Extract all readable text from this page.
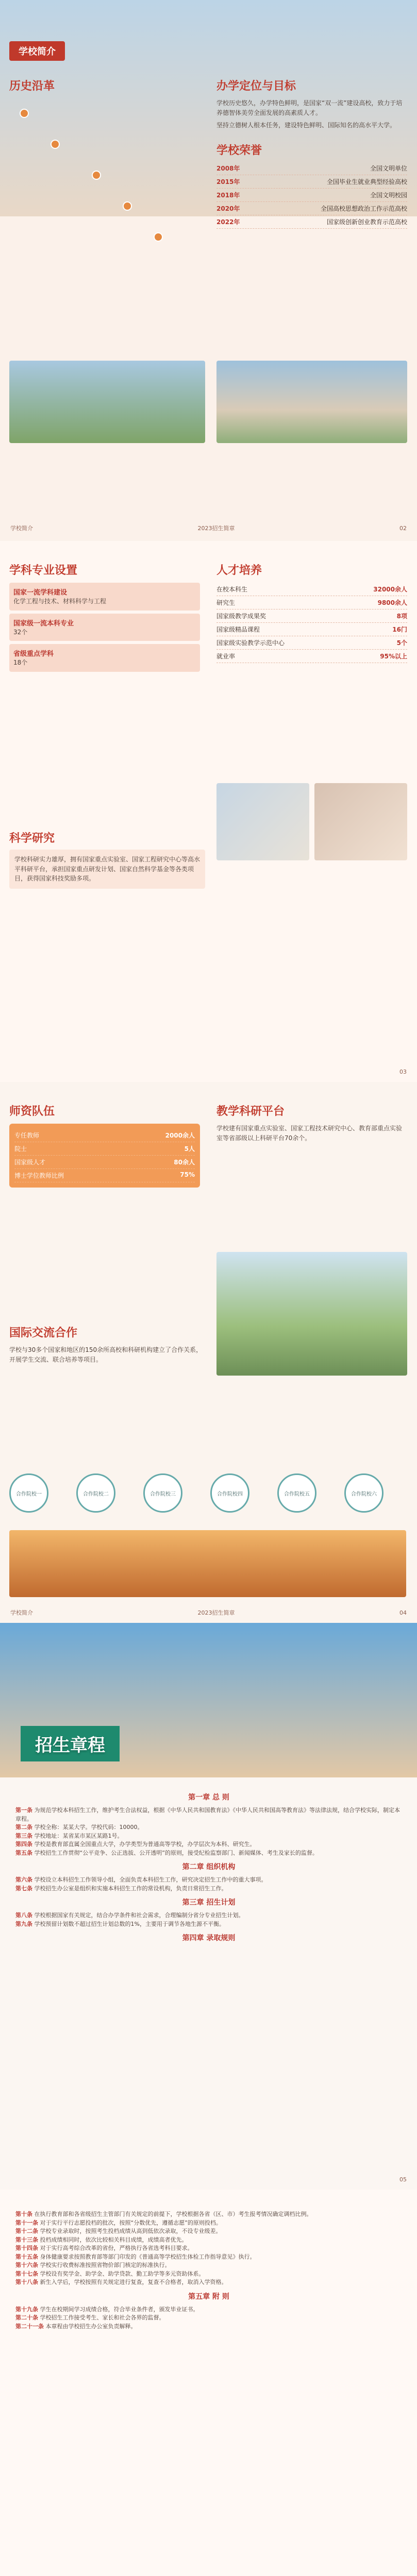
学校简介
历史沿革	办学定位与目标
学校历史悠久，办学特色鲜明，是国家“双一流”建设高校，致力于培养德智体美劳全面发展的高素质人才。
坚持立德树人根本任务，建设特色鲜明、国际知名的高水平大学。
学校荣誉
2008年	全国文明单位
2015年	全国毕业生就业典型经验高校
2018年	全国文明校园
2020年	全国高校思想政治工作示范高校
2022年	国家级创新创业教育示范高校
学校简介	2023招生简章	02
学科专业设置
国家一流学科建设
化学工程与技术、材料科学与工程
国家级一流本科专业
32个
省级重点学科
18个
人才培养
在校本科生	32000余人
研究生	9800余人
国家级教学成果奖	8项
国家级精品课程	16门
国家级实验教学示范中心	5个
就业率	95%以上
科学研究
学校科研实力雄厚，拥有国家重点实验室、国家工程研究中心等高水平科研平台，承担国家重点研发计划、国家自然科学基金等各类项目，获得国家科技奖励多项。
03
师资队伍
专任教师	2000余人
院士	5人
国家级人才	80余人
博士学位教师比例	75%
教学科研平台
学校建有国家重点实验室、国家工程技术研究中心、教育部重点实验室等省部级以上科研平台70余个。
国际交流合作
学校与30多个国家和地区的150余所高校和科研机构建立了合作关系，开展学生交流、联合培养等项目。
合作院校一	合作院校二	合作院校三	合作院校四	合作院校五	合作院校六
学校简介	2023招生简章	04
招生章程
第一章 总 则
第一条 为规范学校本科招生工作，维护考生合法权益，根据《中华人民共和国教育法》《中华人民共和国高等教育法》等法律法规，结合学校实际，制定本章程。
第二条 学校全称：某某大学。学校代码：10000。
第三条 学校地址：某省某市某区某路1号。
第四条 学校是教育部直属全国重点大学，办学类型为普通高等学校，办学层次为本科、研究生。
第五条 学校招生工作贯彻“公平竞争、公正选拔、公开透明”的原则，接受纪检监察部门、新闻媒体、考生及家长的监督。
第二章 组织机构
第六条 学校设立本科招生工作领导小组，全面负责本科招生工作，研究决定招生工作中的重大事项。
第七条 学校招生办公室是组织和实施本科招生工作的常设机构，负责日常招生工作。
第三章 招生计划
第八条 学校根据国家有关规定，结合办学条件和社会需求，合理编制分省分专业招生计划。
第九条 学校预留计划数不超过招生计划总数的1%，主要用于调节各地生源不平衡。
第四章 录取规则
05
第十条 在执行教育部和各省级招生主管部门有关规定的前提下，学校根据各省（区、市）考生报考情况确定调档比例。
第十一条 对于实行平行志愿投档的批次，按照“分数优先，遵循志愿”的原则投档。
第十二条 学校专业录取时，按照考生投档成绩从高到低依次录取，不设专业级差。
第十三条 投档成绩相同时，依次比较相关科目成绩，成绩高者优先。
第十四条 对于实行高考综合改革的省份，严格执行各省选考科目要求。
第十五条 身体健康要求按照教育部等部门印发的《普通高等学校招生体检工作指导意见》执行。
第十六条 学校实行收费标准按照省物价部门核定的标准执行。
第十七条 学校设有奖学金、助学金、助学贷款、勤工助学等多元资助体系。
第十八条 新生入学后，学校按照有关规定进行复查，复查不合格者，取消入学资格。
第五章 附 则
第十九条 学生在校期间学习成绩合格，符合毕业条件者，颁发毕业证书。
第二十条 学校招生工作接受考生、家长和社会各界的监督。
第二十一条 本章程由学校招生办公室负责解释。
